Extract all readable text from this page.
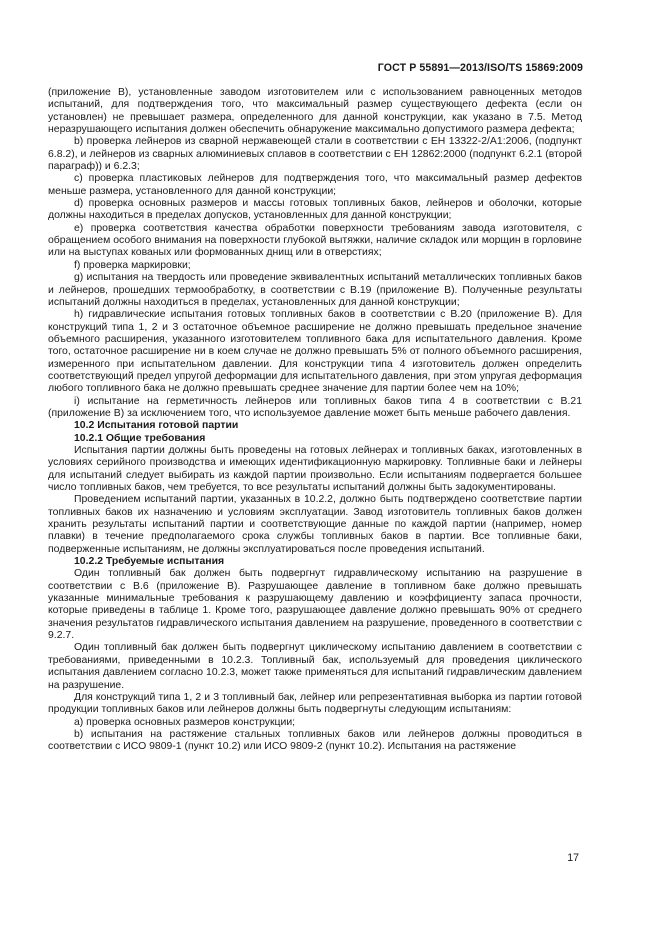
ГОСТ Р 55891—2013/ISO/TS 15869:2009

(приложение В), установленные заводом изготовителем или с использованием равноценных методов испытаний, для подтверждения того, что максимальный размер существующего дефекта (если он установлен) не превышает размера, определенного для данной конструкции, как указано в 7.5. Метод неразрушающего испытания должен обеспечить обнаружение максимально допустимого размера дефекта;

b) проверка лейнеров из сварной нержавеющей стали в соответствии с ЕН 13322-2/А1:2006, (подпункт 6.8.2), и лейнеров из сварных алюминиевых сплавов в соответствии с ЕН 12862:2000 (подпункт 6.2.1 (второй параграф)) и 6.2.3;

c) проверка пластиковых лейнеров для подтверждения того, что максимальный размер дефектов меньше размера, установленного для данной конструкции;

d) проверка основных размеров и массы готовых топливных баков, лейнеров и оболочки, которые должны находиться в пределах допусков, установленных для данной конструкции;

e) проверка соответствия качества обработки поверхности требованиям завода изготовителя, с обращением особого внимания на поверхности глубокой вытяжки, наличие складок или морщин в горловине или на выступах кованых или формованных днищ или в отверстиях;

f) проверка маркировки;

g) испытания на твердость или проведение эквивалентных испытаний металлических топливных баков и лейнеров, прошедших термообработку, в соответствии с В.19 (приложение В). Полученные результаты испытаний должны находиться в пределах, установленных для данной конструкции;

h) гидравлические испытания готовых топливных баков в соответствии с В.20 (приложение В). Для конструкций типа 1, 2 и 3 остаточное объемное расширение не должно превышать предельное значение объемного расширения, указанного изготовителем топливного бака для испытательного давления. Кроме того, остаточное расширение ни в коем случае не должно превышать 5% от полного объемного расширения, измеренного при испытательном давлении. Для конструкции типа 4 изготовитель должен определить соответствующий предел упругой деформации для испытательного давления, при этом упругая деформация любого топливного бака не должно превышать среднее значение для партии более чем на 10%;

i) испытание на герметичность лейнеров или топливных баков типа 4 в соответствии с В.21 (приложение В) за исключением того, что используемое давление может быть меньше рабочего давления.

10.2 Испытания готовой партии

10.2.1 Общие требования

Испытания партии должны быть проведены на готовых лейнерах и топливных баках, изготовленных в условиях серийного производства и имеющих идентификационную маркировку. Топливные баки и лейнеры для испытаний следует выбирать из каждой партии произвольно. Если испытаниям подвергается большее число топливных баков, чем требуется, то все результаты испытаний должны быть задокументированы.

Проведением испытаний партии, указанных в 10.2.2, должно быть подтверждено соответствие партии топливных баков их назначению и условиям эксплуатации. Завод изготовитель топливных баков должен хранить результаты испытаний партии и соответствующие данные по каждой партии (например, номер плавки) в течение предполагаемого срока службы топливных баков в партии. Все топливные баки, подверженные испытаниям, не должны эксплуатироваться после проведения испытаний.

10.2.2 Требуемые испытания

Один топливный бак должен быть подвергнут гидравлическому испытанию на разрушение в соответствии с В.6 (приложение В). Разрушающее давление в топливном баке должно превышать указанные минимальные требования к разрушающему давлению и коэффициенту запаса прочности, которые приведены в таблице 1. Кроме того, разрушающее давление должно превышать 90% от среднего значения результатов гидравлического испытания давлением на разрушение, проведенного в соответствии с 9.2.7.

Один топливный бак должен быть подвергнут циклическому испытанию давлением в соответствии с требованиями, приведенными в 10.2.3. Топливный бак, используемый для проведения циклического испытания давлением согласно 10.2.3, может также применяться для испытаний гидравлическим давлением на разрушение.

Для конструкций типа 1, 2 и 3 топливный бак, лейнер или репрезентативная выборка из партии готовой продукции топливных баков или лейнеров должны быть подвергнуты следующим испытаниям:

a) проверка основных размеров конструкции;

b) испытания на растяжение стальных топливных баков или лейнеров должны проводиться в соответствии с ИСО 9809-1 (пункт 10.2) или ИСО 9809-2 (пункт 10.2). Испытания на растяжение

17
